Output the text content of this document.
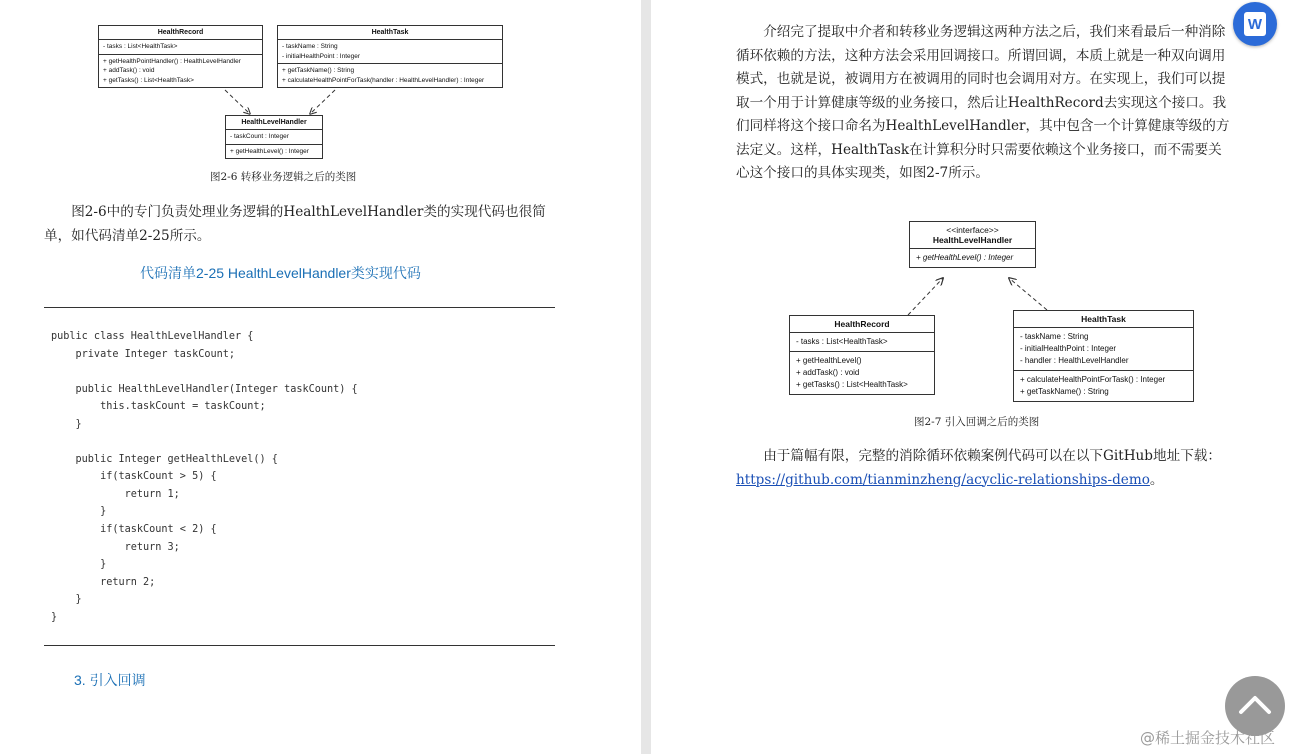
HealthRecord
- tasks : List<HealthTask>
+ getHealthPointHandler() : HealthLevelHandler
+ addTask() : void
+ getTasks() : List<HealthTask>
HealthTask
- taskName : String
- initialHealthPoint : Integer
+ getTaskName() : String
+ calculateHealthPointForTask(handler : HealthLevelHandler) : Integer
HealthLevelHandler
- taskCount : Integer
+ getHealthLevel() : Integer
图2-6 转移业务逻辑之后的类图

图2-6中的专门负责处理业务逻辑的HealthLevelHandler类的实现代码也很简单，如代码清单2-25所示。

代码清单2-25 HealthLevelHandler类实现代码
public class HealthLevelHandler {
private Integer taskCount;

public HealthLevelHandler(Integer taskCount) {
this.taskCount = taskCount;
}

public Integer getHealthLevel() {
if(taskCount > 5) {
return 1;
}
if(taskCount < 2) {
return 3;
}
return 2;
}
}
3. 引入回调

介绍完了提取中介者和转移业务逻辑这两种方法之后，我们来看最后一种消除循环依赖的方法，这种方法会采用回调接口。所谓回调，本质上就是一种双向调用模式，也就是说，被调用方在被调用的同时也会调用对方。在实现上，我们可以提取一个用于计算健康等级的业务接口，然后让HealthRecord去实现这个接口。我们同样将这个接口命名为HealthLevelHandler，其中包含一个计算健康等级的方法定义。这样，HealthTask在计算积分时只需要依赖这个业务接口，而不需要关心这个接口的具体实现类，如图2-7所示。

<<interface>>
HealthLevelHandler
+ getHealthLevel() : Integer
HealthRecord
- tasks : List<HealthTask>
+ getHealthLevel()
+ addTask() : void
+ getTasks() : List<HealthTask>
HealthTask
- taskName : String
- initialHealthPoint : Integer
- handler : HealthLevelHandler
+ calculateHealthPointForTask() : Integer
+ getTaskName() : String
图2-7 引入回调之后的类图

由于篇幅有限，完整的消除循环依赖案例代码可以在以下GitHub地址下载：https://github.com/tianminzheng/acyclic-relationships-demo。

W
@稀土掘金技术社区
